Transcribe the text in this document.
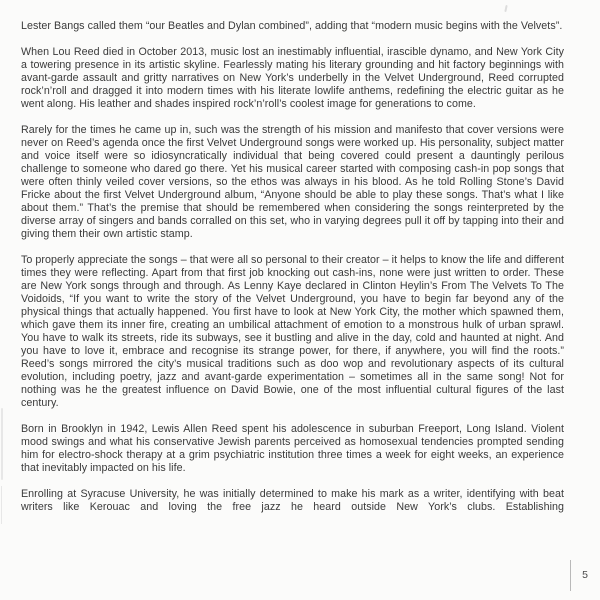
Lester Bangs called them “our Beatles and Dylan combined”, adding that “modern music begins with the Velvets”.

When Lou Reed died in October 2013, music lost an inestimably influential, irascible dynamo, and New York City a towering presence in its artistic skyline. Fearlessly mating his literary grounding and hit factory beginnings with avant-garde assault and gritty narratives on New York’s underbelly in the Velvet Underground, Reed corrupted rock’n’roll and dragged it into modern times with his literate lowlife anthems, redefining the electric guitar as he went along. His leather and shades inspired rock’n’roll’s coolest image for generations to come.

Rarely for the times he came up in, such was the strength of his mission and manifesto that cover versions were never on Reed’s agenda once the first Velvet Underground songs were worked up. His personality, subject matter and voice itself were so idiosyncratically individual that being covered could present a dauntingly perilous challenge to someone who dared go there. Yet his musical career started with composing cash-in pop songs that were often thinly veiled cover versions, so the ethos was always in his blood. As he told Rolling Stone’s David Fricke about the first Velvet Underground album, “Anyone should be able to play these songs. That’s what I like about them.” That’s the premise that should be remembered when considering the songs reinterpreted by the diverse array of singers and bands corralled on this set, who in varying degrees pull it off by tapping into their and giving them their own artistic stamp.

To properly appreciate the songs – that were all so personal to their creator – it helps to know the life and different times they were reflecting. Apart from that first job knocking out cash-ins, none were just written to order. These are New York songs through and through. As Lenny Kaye declared in Clinton Heylin’s From The Velvets To The Voidoids, “If you want to write the story of the Velvet Underground, you have to begin far beyond any of the physical things that actually happened. You first have to look at New York City, the mother which spawned them, which gave them its inner fire, creating an umbilical attachment of emotion to a monstrous hulk of urban sprawl. You have to walk its streets, ride its subways, see it bustling and alive in the day, cold and haunted at night. And you have to love it, embrace and recognise its strange power, for there, if anywhere, you will find the roots.” Reed’s songs mirrored the city’s musical traditions such as doo wop and revolutionary aspects of its cultural evolution, including poetry, jazz and avant-garde experimentation – sometimes all in the same song! Not for nothing was he the greatest influence on David Bowie, one of the most influential cultural figures of the last century.

Born in Brooklyn in 1942, Lewis Allen Reed spent his adolescence in suburban Freeport, Long Island. Violent mood swings and what his conservative Jewish parents perceived as homosexual tendencies prompted sending him for electro-shock therapy at a grim psychiatric institution three times a week for eight weeks, an experience that inevitably impacted on his life.

Enrolling at Syracuse University, he was initially determined to make his mark as a writer, identifying with beat writers like Kerouac and loving the free jazz he heard outside New York’s clubs. Establishing

5
